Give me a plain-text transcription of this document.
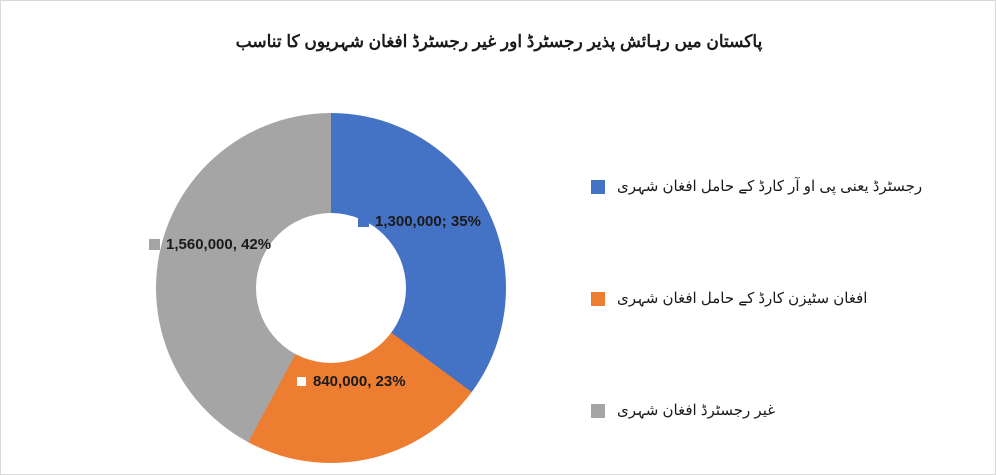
پاکستان میں رہائش پذیر رجسٹرڈ اور غیر رجسٹرڈ افغان شہریوں کا تناسب
1,300,000; 35%
840,000, 23%
1,560,000, 42%
رجسٹرڈ یعنی پی او آر کارڈ کے حامل افغان شہری
افغان سٹیزن کارڈ کے حامل افغان شہری
غیر رجسٹرڈ افغان شہری
